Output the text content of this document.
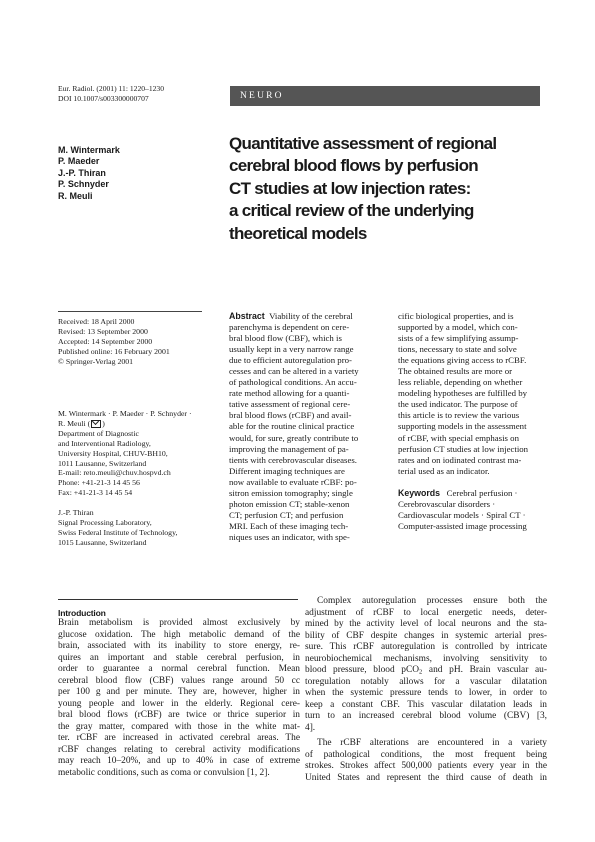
Eur. Radiol. (2001) 11: 1220–1230
DOI 10.1007/s003300000707	NEURO
M. Wintermark
P. Maeder
J.-P. Thiran
P. Schnyder
R. Meuli
Quantitative assessment of regional
cerebral blood flows by perfusion
CT studies at low injection rates:
a critical review of the underlying
theoretical models
Received: 18 April 2000
Revised: 13 September 2000
Accepted: 14 September 2000
Published online: 16 February 2001
© Springer-Verlag 2001
M. Wintermark · P. Maeder · P. Schnyder ·
R. Meuli ( )
Department of Diagnostic
and Interventional Radiology,
University Hospital, CHUV-BH10,
1011 Lausanne, Switzerland
E-mail: reto.meuli@chuv.hospvd.ch
Phone: +41-21-3 14 45 56
Fax: +41-21-3 14 45 54
J.-P. Thiran
Signal Processing Laboratory,
Swiss Federal Institute of Technology,
1015 Lausanne, Switzerland
Abstract Viability of the cerebral
parenchyma is dependent on cere-
bral blood flow (CBF), which is
usually kept in a very narrow range
due to efficient autoregulation pro-
cesses and can be altered in a variety
of pathological conditions. An accu-
rate method allowing for a quanti-
tative assessment of regional cere-
bral blood flows (rCBF) and avail-
able for the routine clinical practice
would, for sure, greatly contribute to
improving the management of pa-
tients with cerebrovascular diseases.
Different imaging techniques are
now available to evaluate rCBF: po-
sitron emission tomography; single
photon emission CT; stable-xenon
CT; perfusion CT; and perfusion
MRI. Each of these imaging tech-
niques uses an indicator, with spe-
cific biological properties, and is
supported by a model, which con-
sists of a few simplifying assump-
tions, necessary to state and solve
the equations giving access to rCBF.
The obtained results are more or
less reliable, depending on whether
modeling hypotheses are fulfilled by
the used indicator. The purpose of
this article is to review the various
supporting models in the assessment
of rCBF, with special emphasis on
perfusion CT studies at low injection
rates and on iodinated contrast ma-
terial used as an indicator.
Keywords Cerebral perfusion ·
Cerebrovascular disorders ·
Cardiovascular models · Spiral CT ·
Computer-assisted image processing
Introduction
Brain metabolism is provided almost exclusively by
glucose oxidation. The high metabolic demand of the
brain, associated with its inability to store energy, re-
quires an important and stable cerebral perfusion, in
order to guarantee a normal cerebral function. Mean
cerebral blood flow (CBF) values range around 50 cc
per 100 g and per minute. They are, however, higher in
young people and lower in the elderly. Regional cere-
bral blood flows (rCBF) are twice or thrice superior in
the gray matter, compared with those in the white mat-
ter. rCBF are increased in activated cerebral areas. The
rCBF changes relating to cerebral activity modifications
may reach 10–20%, and up to 40% in case of extreme
metabolic conditions, such as coma or convulsion [1, 2].
Complex autoregulation processes ensure both the
adjustment of rCBF to local energetic needs, deter-
mined by the activity level of local neurons and the sta-
bility of CBF despite changes in systemic arterial pres-
sure. This rCBF autoregulation is controlled by intricate
neurobiochemical mechanisms, involving sensitivity to
blood pressure, blood pCO$_2$ and pH. Brain vascular au-
toregulation notably allows for a vascular dilatation
when the systemic pressure tends to lower, in order to
keep a constant CBF. This vascular dilatation leads in
turn to an increased cerebral blood volume (CBV) [3,
4].
The rCBF alterations are encountered in a variety
of pathological conditions, the most frequent being
strokes. Strokes affect 500,000 patients every year in the
United States and represent the third cause of death in
